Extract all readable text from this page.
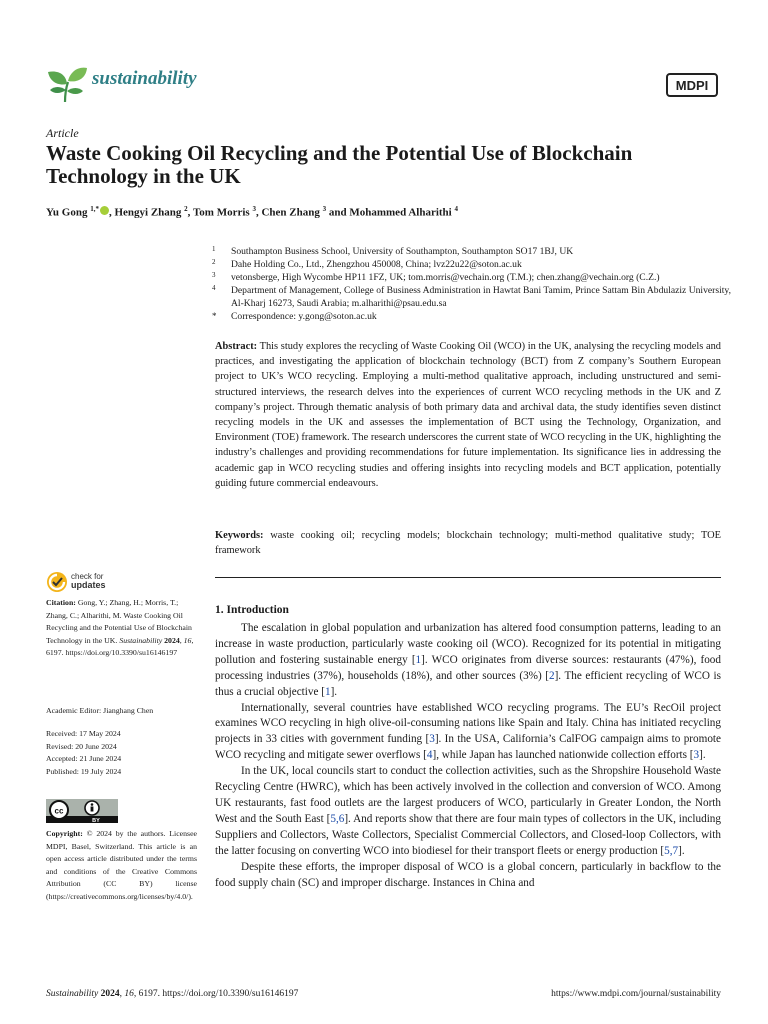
sustainability	MDPI
Article
Waste Cooking Oil Recycling and the Potential Use of Blockchain Technology in the UK
Yu Gong $^{1,*}$ , Hengyi Zhang $^2$, Tom Morris $^3$, Chen Zhang $^3$ and Mohammed Alharithi $^4$
1 Southampton Business School, University of Southampton, Southampton SO17 1BJ, UK
2 Dahe Holding Co., Ltd., Zhengzhou 450008, China; lvz22u22@soton.ac.uk
3 vetonsberge, High Wycombe HP11 1FZ, UK; tom.morris@vechain.org (T.M.); chen.zhang@vechain.org (C.Z.)
4 Department of Management, College of Business Administration in Hawtat Bani Tamim, Prince Sattam Bin Abdulaziz University, Al-Kharj 16273, Saudi Arabia; m.alharithi@psau.edu.sa
* Correspondence: y.gong@soton.ac.uk
Abstract: This study explores the recycling of Waste Cooking Oil (WCO) in the UK, analysing the recycling models and practices, and investigating the application of blockchain technology (BCT) from Z company’s Southern European project to UK’s WCO recycling. Employing a multi-method qualitative approach, including unstructured and semi-structured interviews, the research delves into the experiences of current WCO recycling methods in the UK and Z company’s project. Through thematic analysis of both primary data and archival data, the study identifies seven distinct recycling models in the UK and assesses the implementation of BCT using the Technology, Organization, and Environment (TOE) framework. The research underscores the current state of WCO recycling in the UK, highlighting the industry’s challenges and providing recommendations for future implementation. Its significance lies in addressing the academic gap in WCO recycling studies and offering insights into recycling models and BCT application, potentially guiding future commercial endeavours.
Keywords: waste cooking oil; recycling models; blockchain technology; multi-method qualitative study; TOE framework
check for
updates
Citation: Gong, Y.; Zhang, H.; Morris, T.; Zhang, C.; Alharithi, M. Waste Cooking Oil Recycling and the Potential Use of Blockchain Technology in the UK. Sustainability 2024, 16, 6197. https://doi.org/10.3390/su16146197
Academic Editor: Jianghang Chen
Received: 17 May 2024
Revised: 20 June 2024
Accepted: 21 June 2024
Published: 19 July 2024
cc
BY
Copyright: © 2024 by the authors. Licensee MDPI, Basel, Switzerland. This article is an open access article distributed under the terms and conditions of the Creative Commons Attribution (CC BY) license (https://creativecommons.org/licenses/by/4.0/).
1. Introduction

The escalation in global population and urbanization has altered food consumption patterns, leading to an increase in waste production, particularly waste cooking oil (WCO). Recognized for its potential in mitigating pollution and fostering sustainable energy [1]. WCO originates from diverse sources: restaurants (47%), food processing industries (37%), households (18%), and other sources (3%) [2]. The efficient recycling of WCO is thus a crucial objective [1].

Internationally, several countries have established WCO recycling programs. The EU’s RecOil project examines WCO recycling in high olive-oil-consuming nations like Spain and Italy. China has initiated recycling projects in 33 cities with government funding [3]. In the USA, California’s CalFOG campaign aims to promote WCO recycling and mitigate sewer overflows [4], while Japan has launched nationwide collection efforts [3].

In the UK, local councils start to conduct the collection activities, such as the Shropshire Household Waste Recycling Centre (HWRC), which has been actively involved in the collection and conversion of WCO. Among UK restaurants, fast food outlets are the largest producers of WCO, particularly in Greater London, the North West and the South East [5,6]. And reports show that there are four main types of collectors in the UK, including Suppliers and Collectors, Waste Collectors, Specialist Commercial Collectors, and Closed-loop Collectors, with the latter focusing on converting WCO into biodiesel for their transport fleets or energy production [5,7].

Despite these efforts, the improper disposal of WCO is a global concern, particularly in backflow to the food supply chain (SC) and improper discharge. Instances in China and

Sustainability 2024, 16, 6197. https://doi.org/10.3390/su16146197	https://www.mdpi.com/journal/sustainability
